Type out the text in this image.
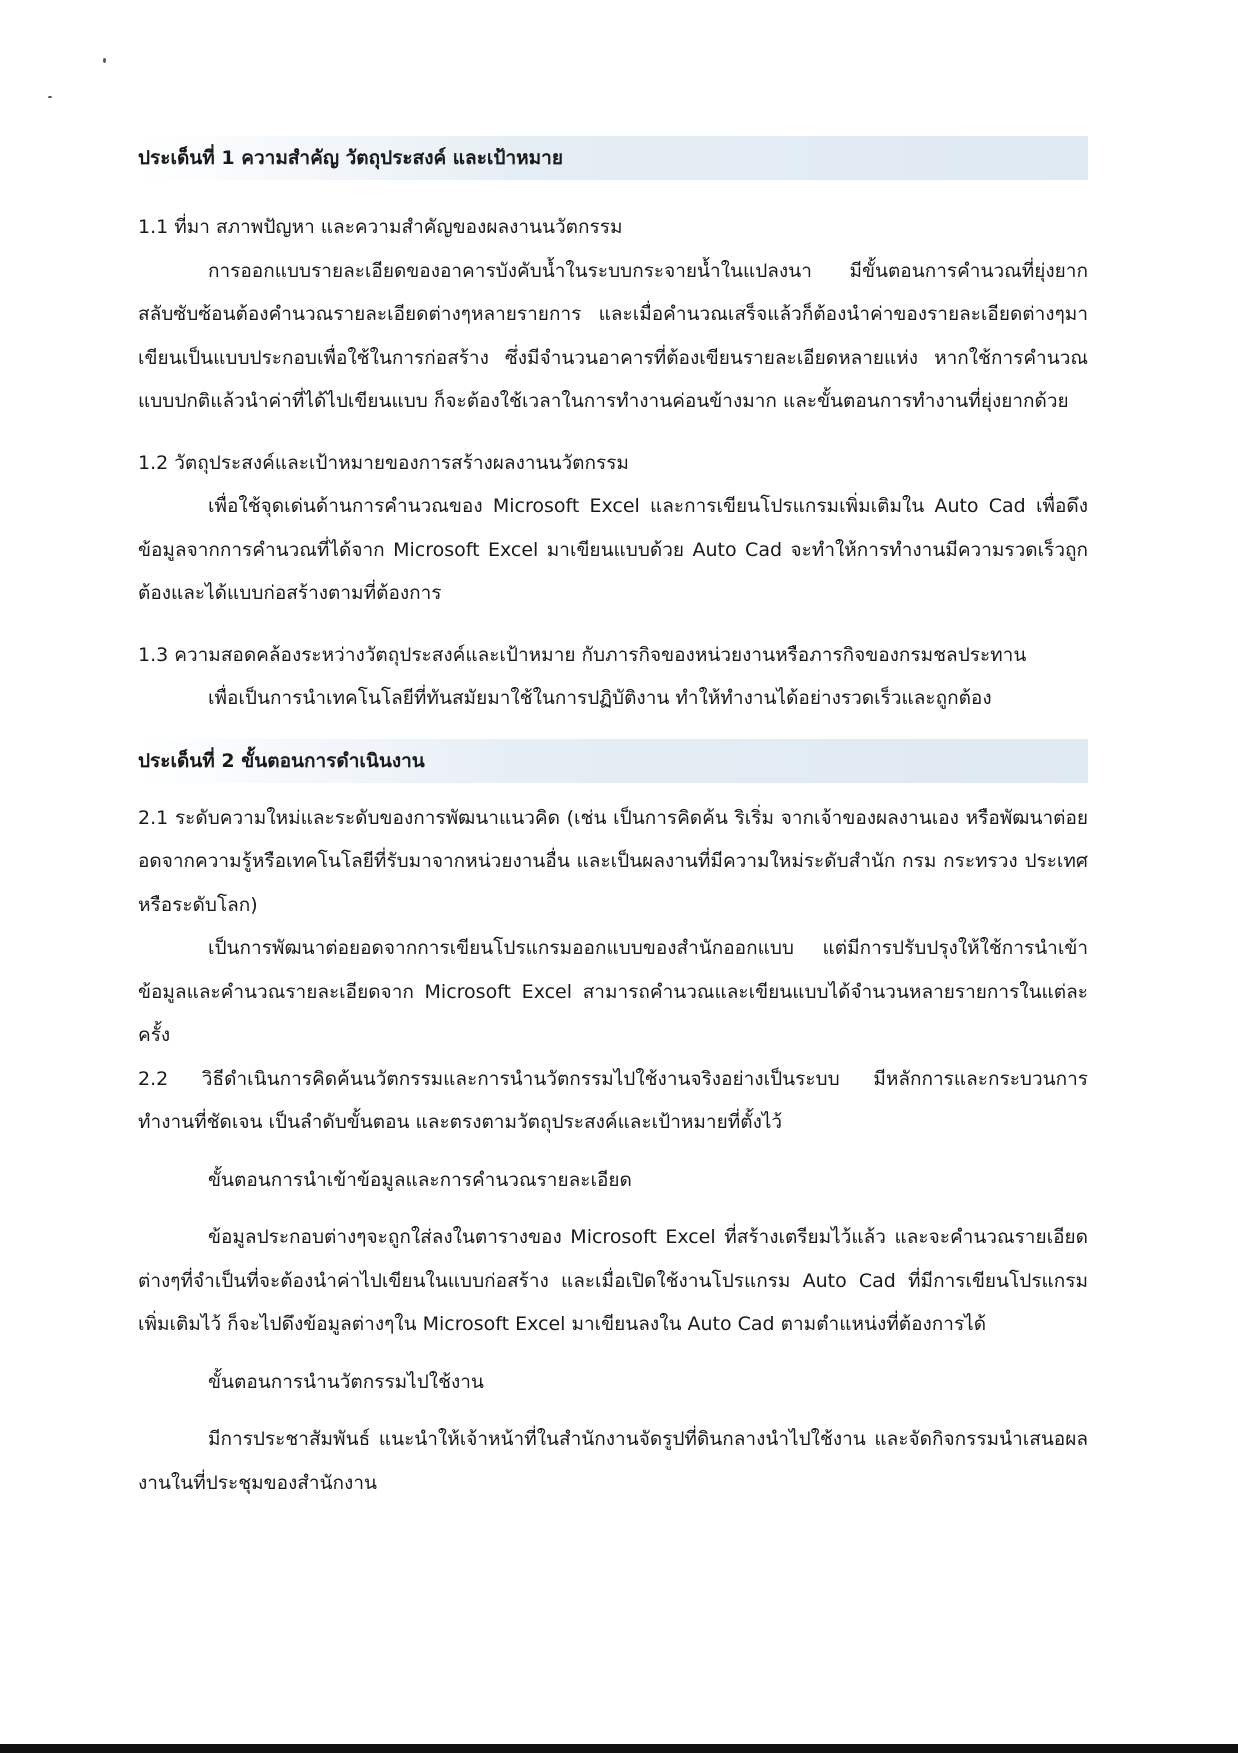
ประเด็นที่ 1 ความสำคัญ วัตถุประสงค์ และเป้าหมาย
1.1 ที่มา สภาพปัญหา และความสำคัญของผลงานนวัตกรรม
การออกแบบรายละเอียดของอาคารบังคับน้ำในระบบกระจายน้ำในแปลงนา มีขั้นตอนการคำนวณที่ยุ่งยากสลับซับซ้อนต้องคำนวณรายละเอียดต่างๆหลายรายการ และเมื่อคำนวณเสร็จแล้วก็ต้องนำค่าของรายละเอียดต่างๆมาเขียนเป็นแบบประกอบเพื่อใช้ในการก่อสร้าง ซึ่งมีจำนวนอาคารที่ต้องเขียนรายละเอียดหลายแห่ง หากใช้การคำนวณแบบปกติแล้วนำค่าที่ได้ไปเขียนแบบ ก็จะต้องใช้เวลาในการทำงานค่อนข้างมาก และขั้นตอนการทำงานที่ยุ่งยากด้วย
1.2 วัตถุประสงค์และเป้าหมายของการสร้างผลงานนวัตกรรม
เพื่อใช้จุดเด่นด้านการคำนวณของ Microsoft Excel และการเขียนโปรแกรมเพิ่มเติมใน Auto Cad เพื่อดึงข้อมูลจากการคำนวณที่ได้จาก Microsoft Excel มาเขียนแบบด้วย Auto Cad จะทำให้การทำงานมีความรวดเร็วถูกต้องและได้แบบก่อสร้างตามที่ต้องการ
1.3 ความสอดคล้องระหว่างวัตถุประสงค์และเป้าหมาย กับภารกิจของหน่วยงานหรือภารกิจของกรมชลประทาน
เพื่อเป็นการนำเทคโนโลยีที่ทันสมัยมาใช้ในการปฏิบัติงาน ทำให้ทำงานได้อย่างรวดเร็วและถูกต้อง
ประเด็นที่ 2 ขั้นตอนการดำเนินงาน
2.1 ระดับความใหม่และระดับของการพัฒนาแนวคิด (เช่น เป็นการคิดค้น ริเริ่ม จากเจ้าของผลงานเอง หรือพัฒนาต่อยอดจากความรู้หรือเทคโนโลยีที่รับมาจากหน่วยงานอื่น และเป็นผลงานที่มีความใหม่ระดับสำนัก กรม กระทรวง ประเทศ หรือระดับโลก)
เป็นการพัฒนาต่อยอดจากการเขียนโปรแกรมออกแบบของสำนักออกแบบ แต่มีการปรับปรุงให้ใช้การนำเข้าข้อมูลและคำนวณรายละเอียดจาก Microsoft Excel สามารถคำนวณและเขียนแบบได้จำนวนหลายรายการในแต่ละครั้ง
2.2 วิธีดำเนินการคิดค้นนวัตกรรมและการนำนวัตกรรมไปใช้งานจริงอย่างเป็นระบบ มีหลักการและกระบวนการทำงานที่ชัดเจน เป็นลำดับขั้นตอน และตรงตามวัตถุประสงค์และเป้าหมายที่ตั้งไว้
ขั้นตอนการนำเข้าข้อมูลและการคำนวณรายละเอียด
ข้อมูลประกอบต่างๆจะถูกใส่ลงในตารางของ Microsoft Excel ที่สร้างเตรียมไว้แล้ว และจะคำนวณรายเอียดต่างๆที่จำเป็นที่จะต้องนำค่าไปเขียนในแบบก่อสร้าง และเมื่อเปิดใช้งานโปรแกรม Auto Cad ที่มีการเขียนโปรแกรมเพิ่มเติมไว้ ก็จะไปดึงข้อมูลต่างๆใน Microsoft Excel มาเขียนลงใน Auto Cad ตามตำแหน่งที่ต้องการได้
ขั้นตอนการนำนวัตกรรมไปใช้งาน
มีการประชาสัมพันธ์ แนะนำให้เจ้าหน้าที่ในสำนักงานจัดรูปที่ดินกลางนำไปใช้งาน และจัดกิจกรรมนำเสนอผลงานในที่ประชุมของสำนักงาน
